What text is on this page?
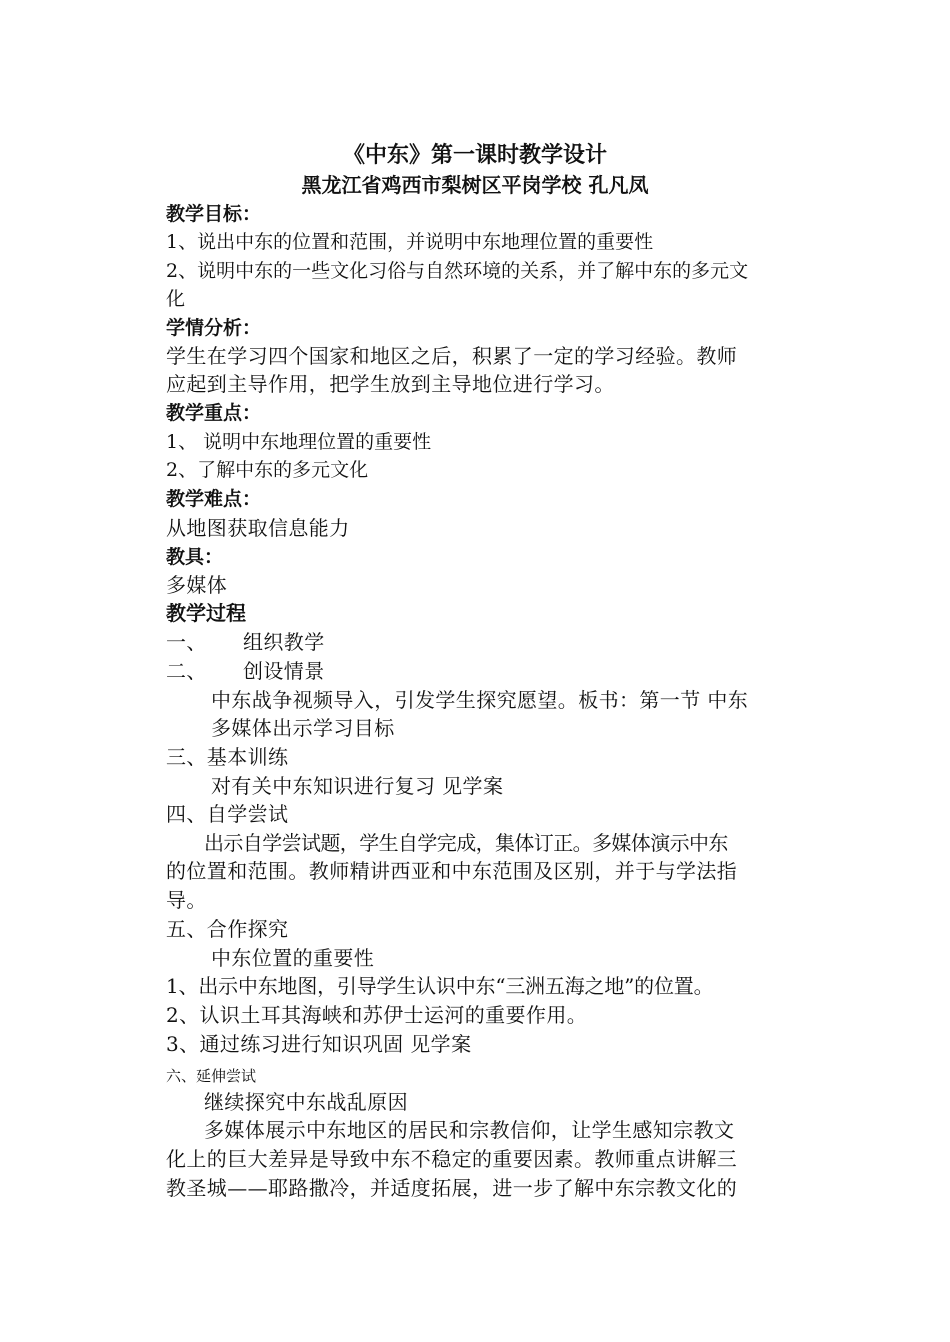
《中东》第一课时教学设计
黑龙江省鸡西市梨树区平岗学校 孔凡凤
教学目标：
1、说出中东的位置和范围，并说明中东地理位置的重要性
2、说明中东的一些文化习俗与自然环境的关系，并了解中东的多元文
化
学情分析：
学生在学习四个国家和地区之后，积累了一定的学习经验。教师
应起到主导作用，把学生放到主导地位进行学习。
教学重点：
1、 说明中东地理位置的重要性
2、了解中东的多元文化
教学难点：
从地图获取信息能力
教具：
多媒体
教学过程
一、 组织教学
二、 创设情景
中东战争视频导入，引发学生探究愿望。板书：第一节 中东
多媒体出示学习目标
三、基本训练
对有关中东知识进行复习 见学案
四、自学尝试
出示自学尝试题，学生自学完成，集体订正。多媒体演示中东
的位置和范围。教师精讲西亚和中东范围及区别，并于与学法指
导。
五、合作探究
中东位置的重要性
1、出示中东地图，引导学生认识中东“三洲五海之地”的位置。
2、认识土耳其海峡和苏伊士运河的重要作用。
3、通过练习进行知识巩固 见学案
六、延伸尝试
继续探究中东战乱原因
多媒体展示中东地区的居民和宗教信仰，让学生感知宗教文
化上的巨大差异是导致中东不稳定的重要因素。教师重点讲解三
教圣城——耶路撒冷，并适度拓展，进一步了解中东宗教文化的
